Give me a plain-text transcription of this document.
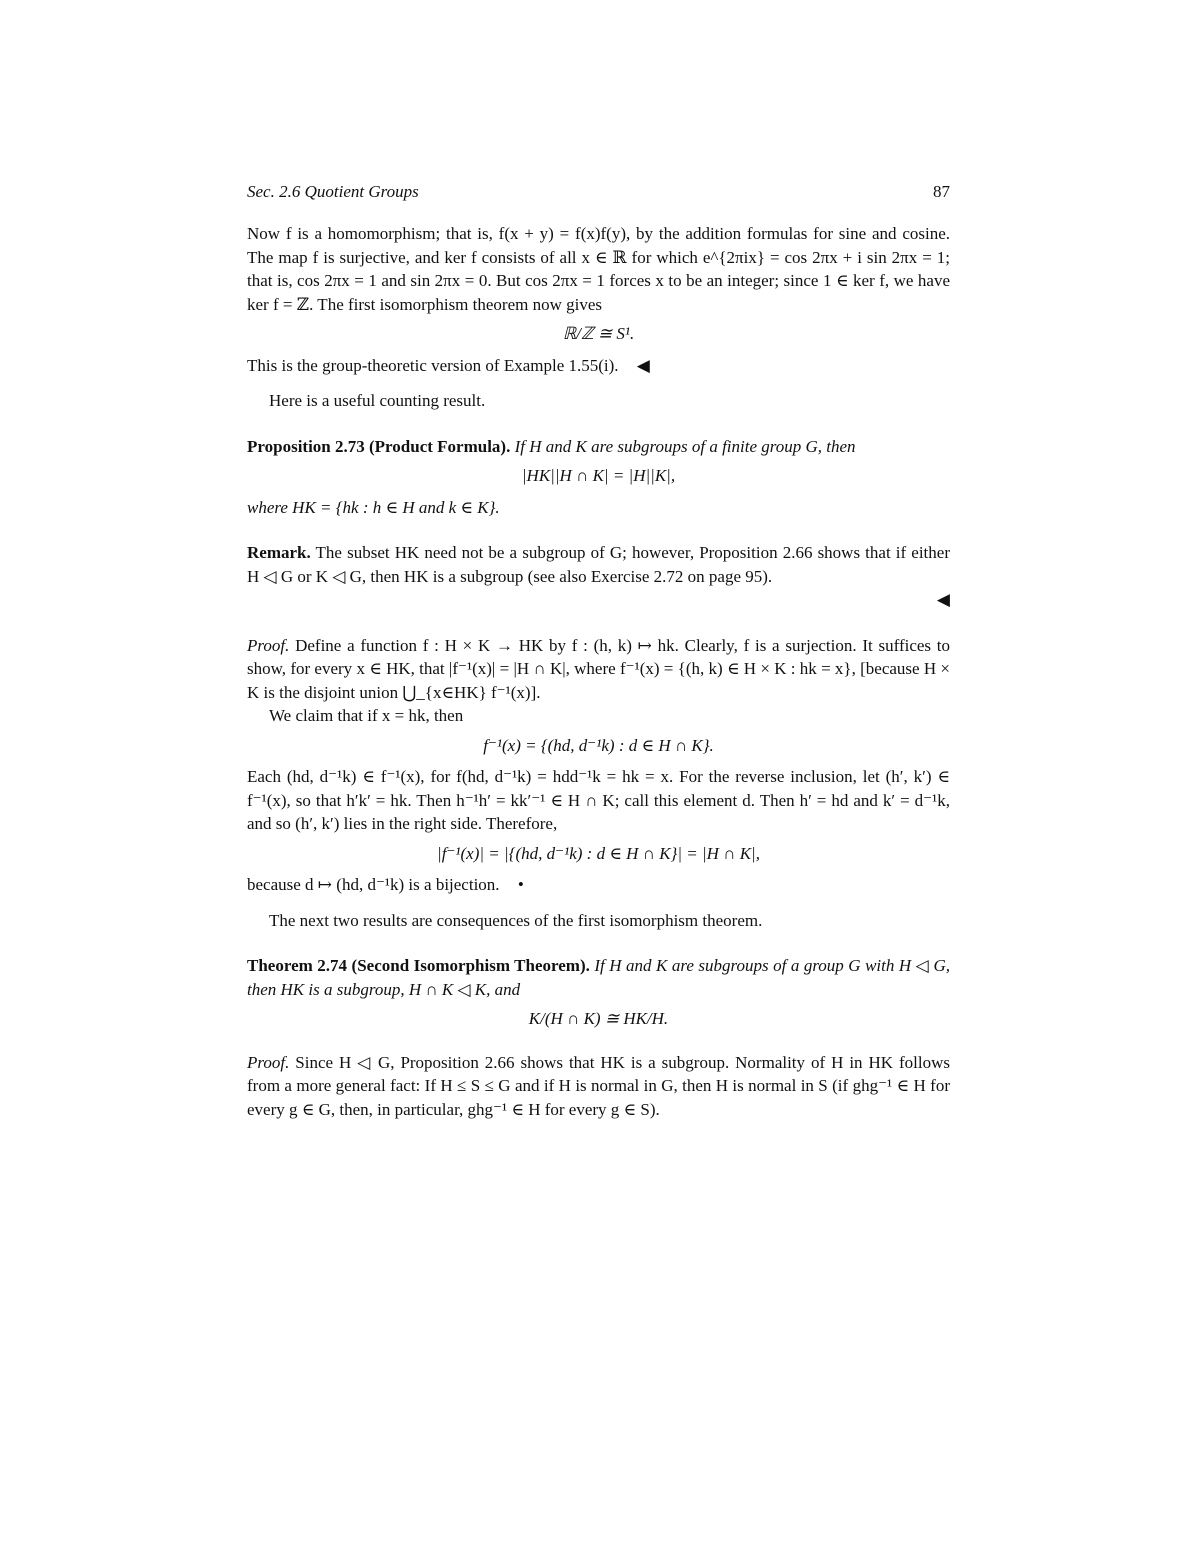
Sec. 2.6 Quotient Groups	87

Now f is a homomorphism; that is, f(x + y) = f(x)f(y), by the addition formulas for sine and cosine. The map f is surjective, and ker f consists of all x ∈ ℝ for which e^{2πix} = cos 2πx + i sin 2πx = 1; that is, cos 2πx = 1 and sin 2πx = 0. But cos 2πx = 1 forces x to be an integer; since 1 ∈ ker f, we have ker f = ℤ. The first isomorphism theorem now gives

ℝ/ℤ ≅ S¹.

This is the group-theoretic version of Example 1.55(i). ◀

Here is a useful counting result.

Proposition 2.73 (Product Formula). If H and K are subgroups of a finite group G, then

|HK||H ∩ K| = |H||K|,

where HK = {hk : h ∈ H and k ∈ K}.

Remark. The subset HK need not be a subgroup of G; however, Proposition 2.66 shows that if either H ◁ G or K ◁ G, then HK is a subgroup (see also Exercise 2.72 on page 95).

◀

Proof. Define a function f : H × K → HK by f : (h, k) ↦ hk. Clearly, f is a surjection. It suffices to show, for every x ∈ HK, that |f⁻¹(x)| = |H ∩ K|, where f⁻¹(x) = {(h, k) ∈ H × K : hk = x}, [because H × K is the disjoint union ⋃_{x∈HK} f⁻¹(x)].

We claim that if x = hk, then

f⁻¹(x) = {(hd, d⁻¹k) : d ∈ H ∩ K}.

Each (hd, d⁻¹k) ∈ f⁻¹(x), for f(hd, d⁻¹k) = hdd⁻¹k = hk = x. For the reverse inclusion, let (h′, k′) ∈ f⁻¹(x), so that h′k′ = hk. Then h⁻¹h′ = kk′⁻¹ ∈ H ∩ K; call this element d. Then h′ = hd and k′ = d⁻¹k, and so (h′, k′) lies in the right side. Therefore,

|f⁻¹(x)| = |{(hd, d⁻¹k) : d ∈ H ∩ K}| = |H ∩ K|,

because d ↦ (hd, d⁻¹k) is a bijection. •

The next two results are consequences of the first isomorphism theorem.

Theorem 2.74 (Second Isomorphism Theorem). If H and K are subgroups of a group G with H ◁ G, then HK is a subgroup, H ∩ K ◁ K, and

K/(H ∩ K) ≅ HK/H.

Proof. Since H ◁ G, Proposition 2.66 shows that HK is a subgroup. Normality of H in HK follows from a more general fact: If H ≤ S ≤ G and if H is normal in G, then H is normal in S (if ghg⁻¹ ∈ H for every g ∈ G, then, in particular, ghg⁻¹ ∈ H for every g ∈ S).
